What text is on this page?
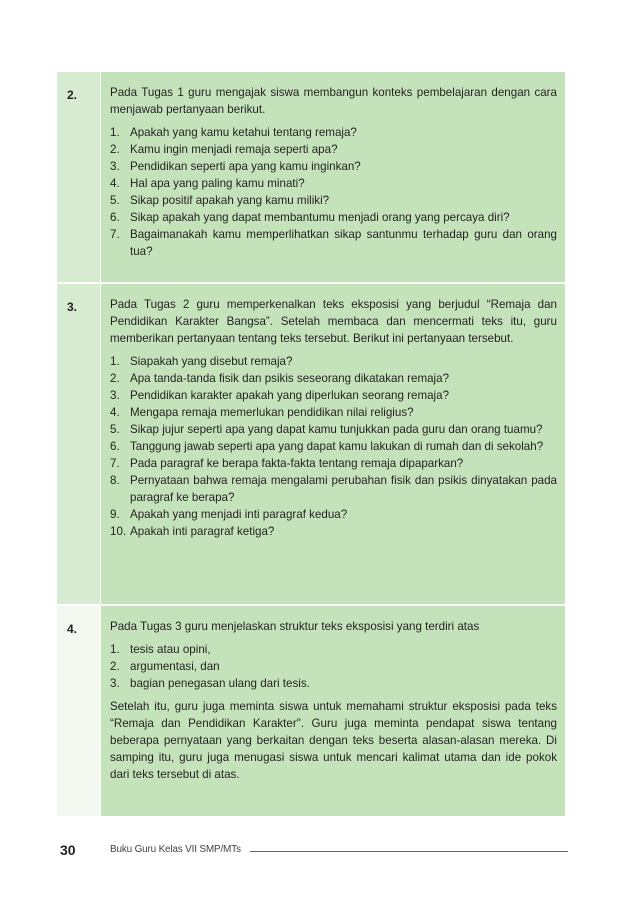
2.	Pada Tugas 1 guru mengajak siswa membangun konteks pembelajaran dengan cara menjawab pertanyaan berikut.

1. Apakah yang kamu ketahui tentang remaja?
2. Kamu ingin menjadi remaja seperti apa?
3. Pendidikan seperti apa yang kamu inginkan?
4. Hal apa yang paling kamu minati?
5. Sikap positif apakah yang kamu miliki?
6. Sikap apakah yang dapat membantumu menjadi orang yang percaya diri?
7. Bagaimanakah kamu memperlihatkan sikap santunmu terhadap guru dan orang tua?
3.	Pada Tugas 2 guru memperkenalkan teks eksposisi yang berjudul “Remaja dan Pendidikan Karakter Bangsa”. Setelah membaca dan mencermati teks itu, guru memberikan pertanyaan tentang teks tersebut. Berikut ini pertanyaan tersebut.

1. Siapakah yang disebut remaja?
2. Apa tanda-tanda fisik dan psikis seseorang dikatakan remaja?
3. Pendidikan karakter apakah yang diperlukan seorang remaja?
4. Mengapa remaja memerlukan pendidikan nilai religius?
5. Sikap jujur seperti apa yang dapat kamu tunjukkan pada guru dan orang tuamu?
6. Tanggung jawab seperti apa yang dapat kamu lakukan di rumah dan di sekolah?
7. Pada paragraf ke berapa fakta-fakta tentang remaja dipaparkan?
8. Pernyataan bahwa remaja mengalami perubahan fisik dan psikis dinyatakan pada paragraf ke berapa?
9. Apakah yang menjadi inti paragraf kedua?
10. Apakah inti paragraf ketiga?
4.	Pada Tugas 3 guru menjelaskan struktur teks eksposisi yang terdiri atas

1. tesis atau opini,
2. argumentasi, dan
3. bagian penegasan ulang dari tesis.

Setelah itu, guru juga meminta siswa untuk memahami struktur eksposisi pada teks “Remaja dan Pendidikan Karakter". Guru juga meminta pendapat siswa tentang beberapa pernyataan yang berkaitan dengan teks beserta alasan-alasan mereka. Di samping itu, guru juga menugasi siswa untuk mencari kalimat utama dan ide pokok dari teks tersebut di atas.

30	Buku Guru Kelas VII SMP/MTs
